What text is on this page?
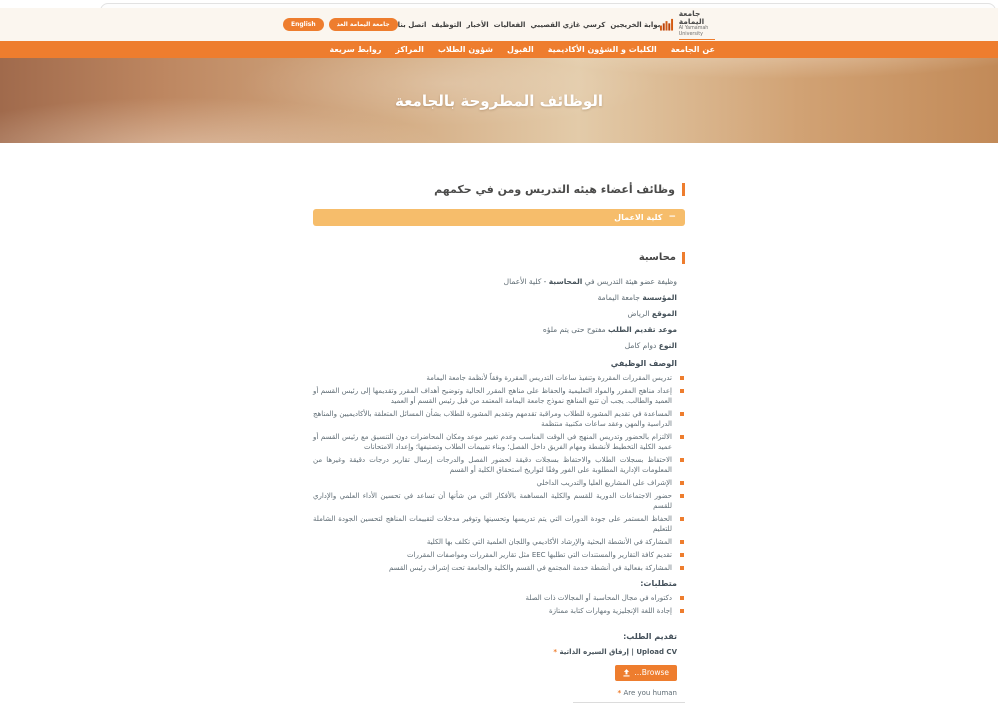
جامعة اليمامة
Al Yamamah University
بوابة الخريجين
كرسي غازي القصيبي
الفعاليات
الأخبار
التوظيف
اتصل بنا
جامعة اليمامة الغد
English
عن الجامعة
الكليات و الشؤون الأكاديمية
القبول
شؤون الطلاب
المراكز
روابط سريعة
الوظائف المطروحة بالجامعة
وظائف أعضاء هيئه التدريس ومن في حكمهم
−
كلية الاعمال
محاسبة

وظيفة عضو هيئة التدريس في المحاسبة - كلية الأعمال

المؤسسة جامعة اليمامة

الموقع الرياض

موعد تقديم الطلب مفتوح حتى يتم ملؤه

النوع دوام كامل

الوصف الوظيفي
تدريس المقررات المقررة وتنفيذ ساعات التدريس المقررة وفقاً لأنظمة جامعة اليمامة
إعداد مناهج المقرر والمواد التعليمية والحفاظ على مناهج المقرر الحالية وتوضيح أهداف المقرر وتقديمها إلى رئيس القسم أو العميد والطالب. يجب أن تتبع المناهج نموذج جامعة اليمامة المعتمد من قبل رئيس القسم أو العميد
المساعدة في تقديم المشورة للطلاب ومراقبة تقدمهم وتقديم المشورة للطلاب بشأن المسائل المتعلقة بالأكاديميين والمناهج الدراسية والمهن وعقد ساعات مكتبية منتظمة
الالتزام بالحضور وتدريس المنهج في الوقت المناسب وعدم تغيير موعد ومكان المحاضرات دون التنسيق مع رئيس القسم أو عميد الكلية التخطيط لأنشطة ومهام الفريق داخل الفصل؛ وبناء تقييمات الطلاب وتصنيفها؛ وإعداد الامتحانات
الاحتفاظ بسجلات الطلاب والاحتفاظ بسجلات دقيقة لحضور الفصل والدرجات إرسال تقارير درجات دقيقة وغيرها من المعلومات الإدارية المطلوبة على الفور وفقًا لتواريخ استحقاق الكلية أو القسم
الإشراف على المشاريع العليا والتدريب الداخلي
حضور الاجتماعات الدورية للقسم والكلية المساهمة بالأفكار التي من شأنها أن تساعد في تحسين الأداء العلمي والإداري للقسم
الحفاظ المستمر على جودة الدورات التي يتم تدريسها وتحسينها وتوفير مدخلات لتقييمات المناهج لتحسين الجودة الشاملة للتعليم
المشاركة في الأنشطة البحثية والإرشاد الأكاديمي واللجان العلمية التي تكلف بها الكلية
تقديم كافة التقارير والمستندات التي تطلبها EEC مثل تقارير المقررات ومواصفات المقررات
المشاركة بفعالية في أنشطة خدمة المجتمع في القسم والكلية والجامعة تحت إشراف رئيس القسم
متطلبات:
دكتوراه في مجال المحاسبة أو المجالات ذات الصلة
إجادة اللغة الإنجليزية ومهارات كتابة ممتازة
تقديم الطلب:

Upload CV | إرفاق السيره الذاتية *

Browse…

* Are you human
